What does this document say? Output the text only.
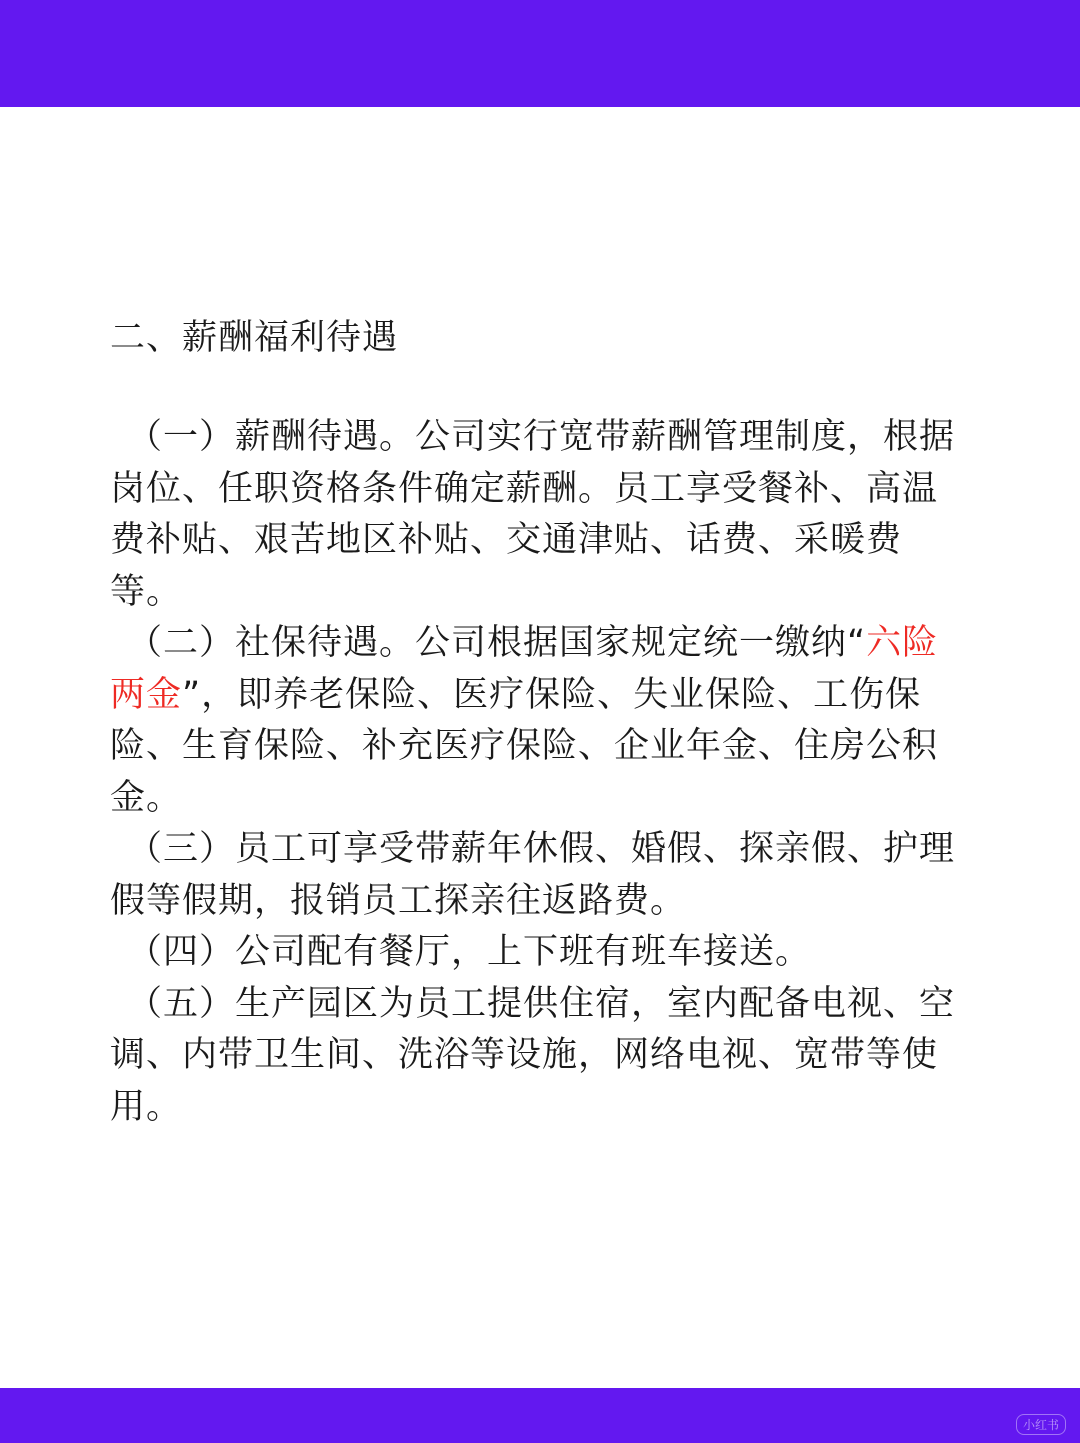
二、薪酬福利待遇

（一）薪酬待遇。公司实行宽带薪酬管理制度，根据岗位、任职资格条件确定薪酬。员工享受餐补、高温费补贴、艰苦地区补贴、交通津贴、话费、采暖费等。

（二）社保待遇。公司根据国家规定统一缴纳“六险两金”，即养老保险、医疗保险、失业保险、工伤保险、生育保险、补充医疗保险、企业年金、住房公积金。

（三）员工可享受带薪年休假、婚假、探亲假、护理假等假期，报销员工探亲往返路费。

（四）公司配有餐厅，上下班有班车接送。

（五）生产园区为员工提供住宿，室内配备电视、空调、内带卫生间、洗浴等设施，网络电视、宽带等使用。

小红书
